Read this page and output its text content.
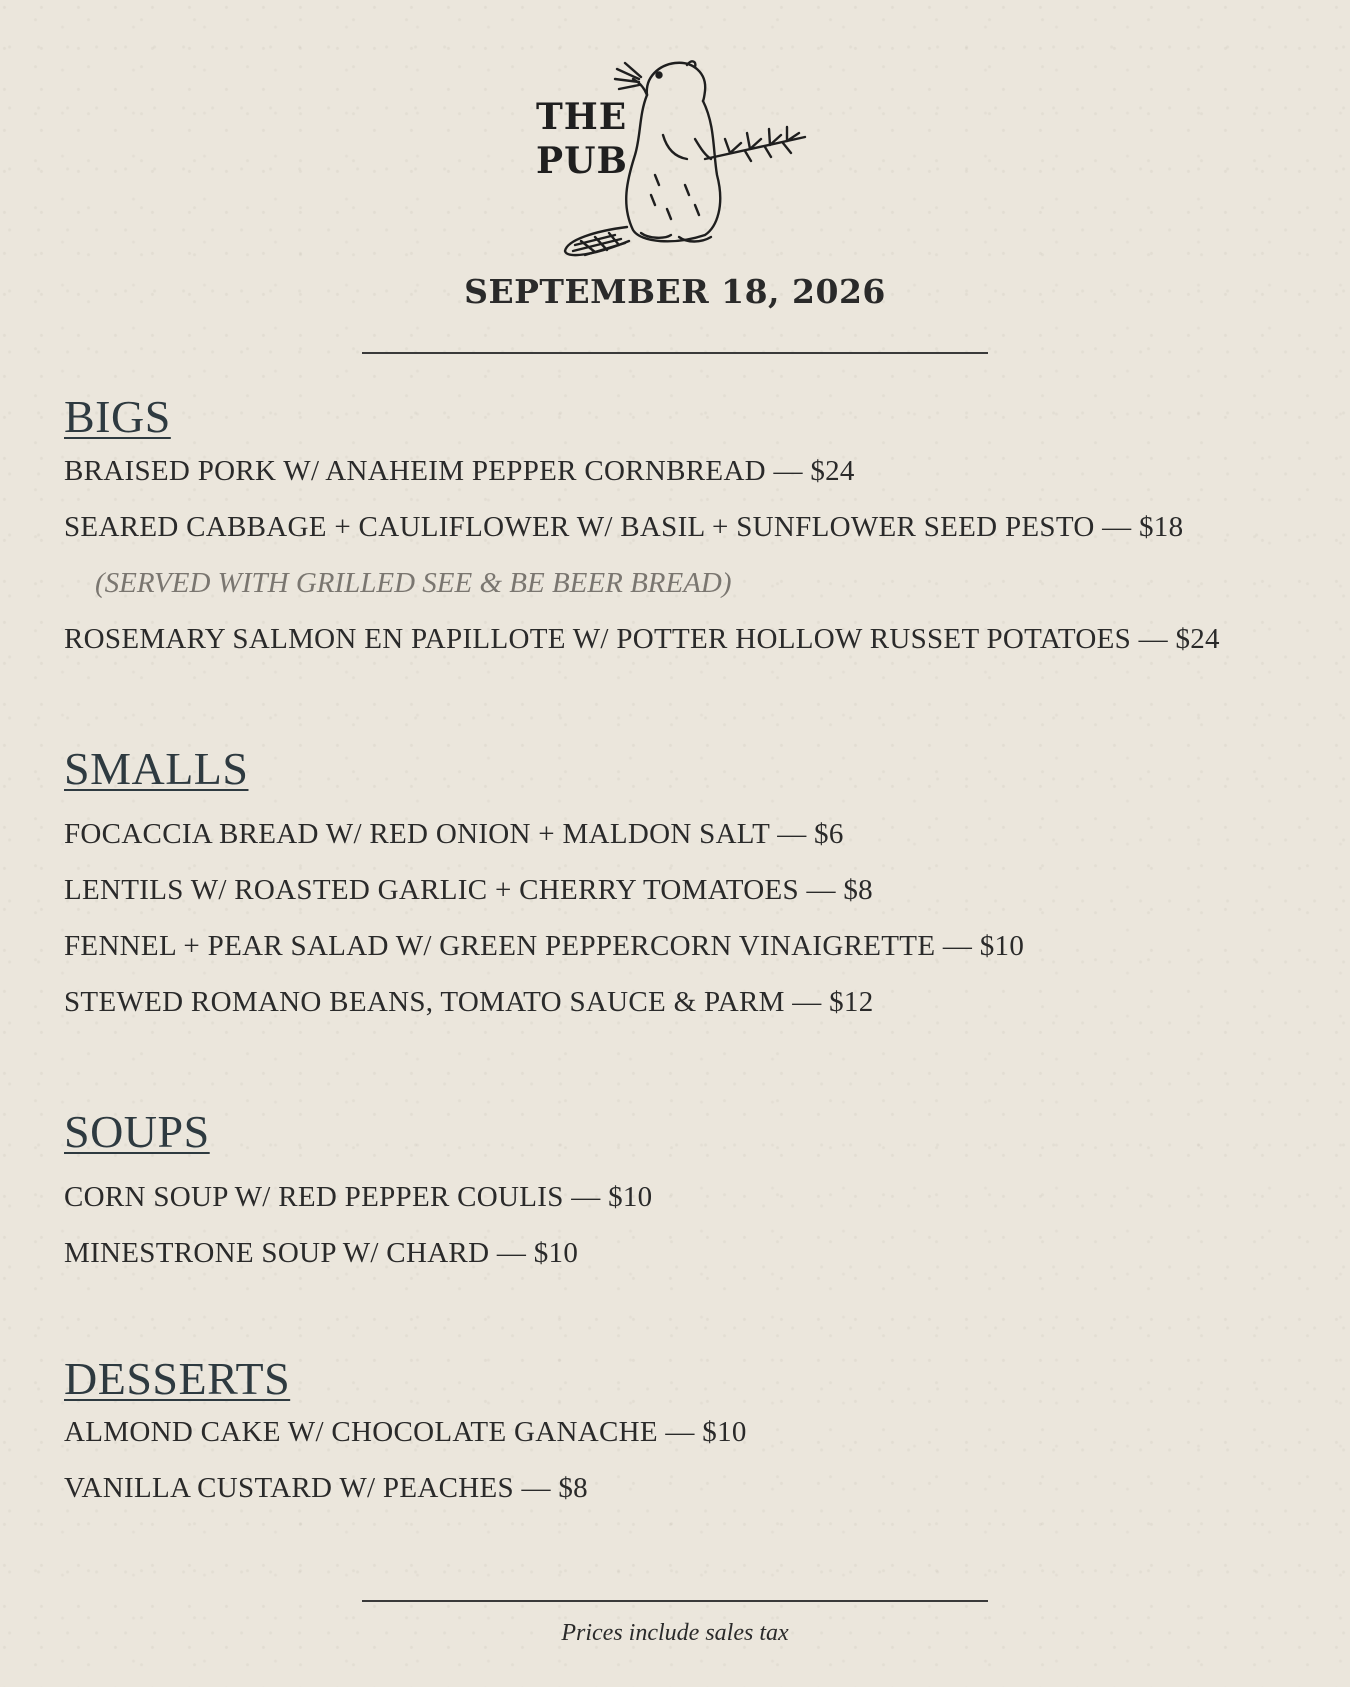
THE
PUB
SEPTEMBER 18, 2026
BIGS
BRAISED PORK W/ ANAHEIM PEPPER CORNBREAD — $24
SEARED CABBAGE + CAULIFLOWER W/ BASIL + SUNFLOWER SEED PESTO — $18
(SERVED WITH GRILLED SEE & BE BEER BREAD)
ROSEMARY SALMON EN PAPILLOTE W/ POTTER HOLLOW RUSSET POTATOES — $24
SMALLS
FOCACCIA BREAD W/ RED ONION + MALDON SALT — $6
LENTILS W/ ROASTED GARLIC + CHERRY TOMATOES — $8
FENNEL + PEAR SALAD W/ GREEN PEPPERCORN VINAIGRETTE — $10
STEWED ROMANO BEANS, TOMATO SAUCE & PARM — $12
SOUPS
CORN SOUP W/ RED PEPPER COULIS — $10
MINESTRONE SOUP W/ CHARD — $10
DESSERTS
ALMOND CAKE W/ CHOCOLATE GANACHE — $10
VANILLA CUSTARD W/ PEACHES — $8
Prices include sales tax
